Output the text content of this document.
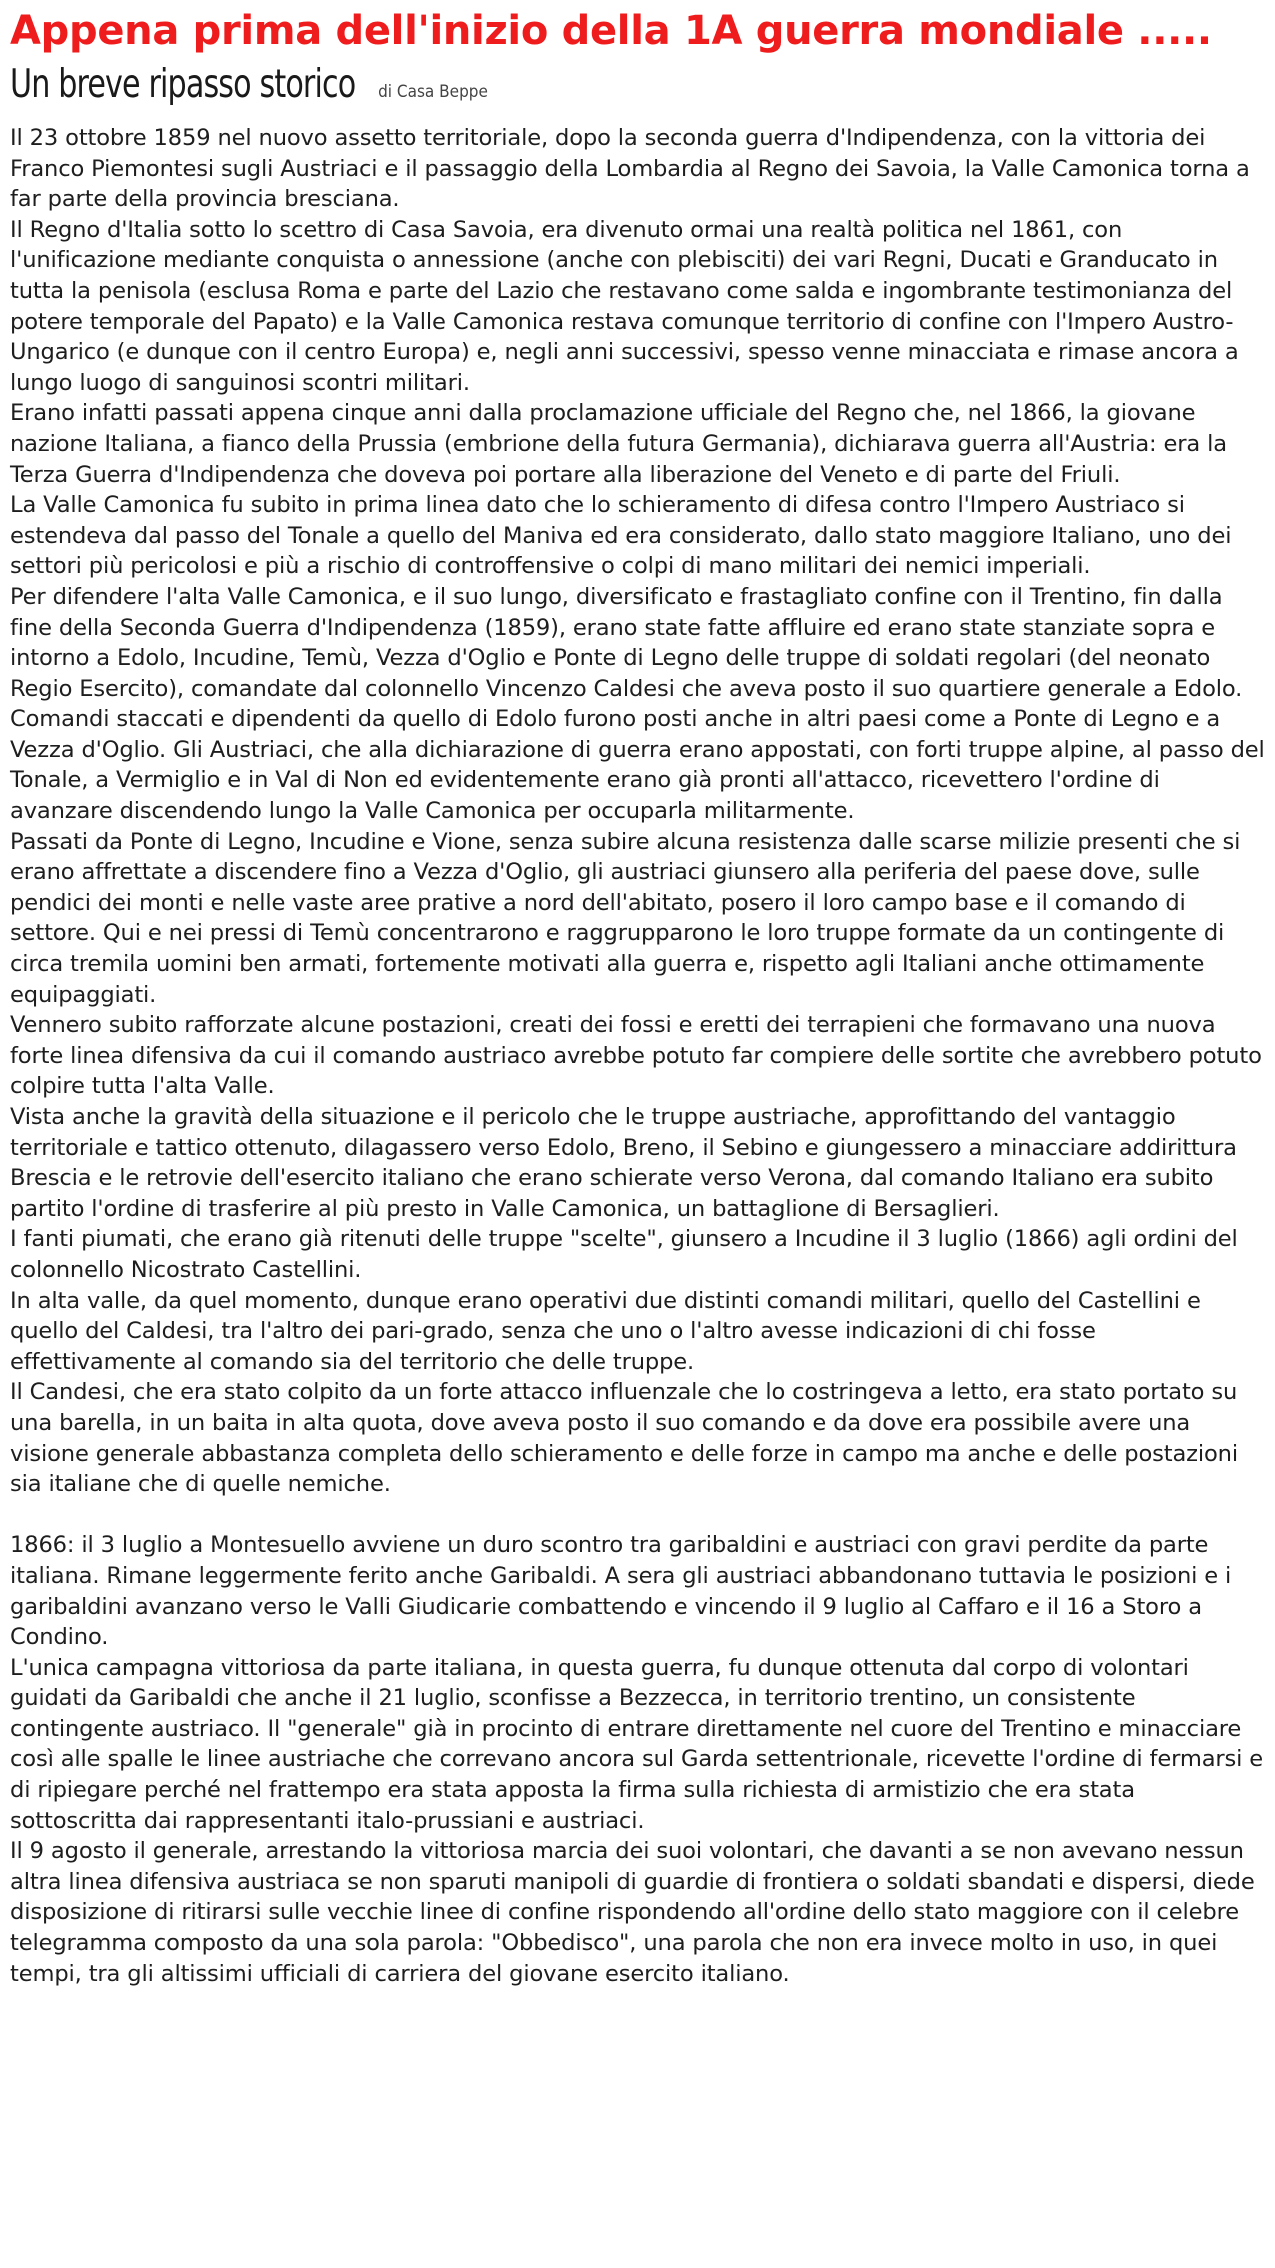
Appena prima dell'inizio della 1A guerra mondiale .....
Un breve ripasso storico di Casa Beppe

Il 23 ottobre 1859 nel nuovo assetto territoriale, dopo la seconda guerra d'Indipendenza, con la vittoria dei Franco Piemontesi sugli Austriaci e il passaggio della Lombardia al Regno dei Savoia, la Valle Camonica torna a far parte della provincia bresciana.

Il Regno d'Italia sotto lo scettro di Casa Savoia, era divenuto ormai una realtà politica nel 1861, con l'unificazione mediante conquista o annessione (anche con plebisciti) dei vari Regni, Ducati e Granducato in tutta la penisola (esclusa Roma e parte del Lazio che restavano come salda e ingombrante testimonianza del potere temporale del Papato) e la Valle Camonica restava comunque territorio di confine con l'Impero Austro-Ungarico (e dunque con il centro Europa) e, negli anni successivi, spesso venne minacciata e rimase ancora a lungo luogo di sanguinosi scontri militari.

Erano infatti passati appena cinque anni dalla proclamazione ufficiale del Regno che, nel 1866, la giovane nazione Italiana, a fianco della Prussia (embrione della futura Germania), dichiarava guerra all'Austria: era la Terza Guerra d'Indipendenza che doveva poi portare alla liberazione del Veneto e di parte del Friuli.

La Valle Camonica fu subito in prima linea dato che lo schieramento di difesa contro l'Impero Austriaco si estendeva dal passo del Tonale a quello del Maniva ed era considerato, dallo stato maggiore Italiano, uno dei settori più pericolosi e più a rischio di controffensive o colpi di mano militari dei nemici imperiali.

Per difendere l'alta Valle Camonica, e il suo lungo, diversificato e frastagliato confine con il Trentino, fin dalla fine della Seconda Guerra d'Indipendenza (1859), erano state fatte affluire ed erano state stanziate sopra e intorno a Edolo, Incudine, Temù, Vezza d'Oglio e Ponte di Legno delle truppe di soldati regolari (del neonato Regio Esercito), comandate dal colonnello Vincenzo Caldesi che aveva posto il suo quartiere generale a Edolo.

Comandi staccati e dipendenti da quello di Edolo furono posti anche in altri paesi come a Ponte di Legno e a Vezza d'Oglio. Gli Austriaci, che alla dichiarazione di guerra erano appostati, con forti truppe alpine, al passo del Tonale, a Vermiglio e in Val di Non ed evidentemente erano già pronti all'attacco, ricevettero l'ordine di avanzare discendendo lungo la Valle Camonica per occuparla militarmente.

Passati da Ponte di Legno, Incudine e Vione, senza subire alcuna resistenza dalle scarse milizie presenti che si erano affrettate a discendere fino a Vezza d'Oglio, gli austriaci giunsero alla periferia del paese dove, sulle pendici dei monti e nelle vaste aree prative a nord dell'abitato, posero il loro campo base e il comando di settore. Qui e nei pressi di Temù concentrarono e raggrupparono le loro truppe formate da un contingente di circa tremila uomini ben armati, fortemente motivati alla guerra e, rispetto agli Italiani anche ottimamente equipaggiati.

Vennero subito rafforzate alcune postazioni, creati dei fossi e eretti dei terrapieni che formavano una nuova forte linea difensiva da cui il comando austriaco avrebbe potuto far compiere delle sortite che avrebbero potuto colpire tutta l'alta Valle.

Vista anche la gravità della situazione e il pericolo che le truppe austriache, approfittando del vantaggio territoriale e tattico ottenuto, dilagassero verso Edolo, Breno, il Sebino e giungessero a minacciare addirittura Brescia e le retrovie dell'esercito italiano che erano schierate verso Verona, dal comando Italiano era subito partito l'ordine di trasferire al più presto in Valle Camonica, un battaglione di Bersaglieri.

I fanti piumati, che erano già ritenuti delle truppe "scelte", giunsero a Incudine il 3 luglio (1866) agli ordini del colonnello Nicostrato Castellini.

In alta valle, da quel momento, dunque erano operativi due distinti comandi militari, quello del Castellini e quello del Caldesi, tra l'altro dei pari-grado, senza che uno o l'altro avesse indicazioni di chi fosse effettivamente al comando sia del territorio che delle truppe.

Il Candesi, che era stato colpito da un forte attacco influenzale che lo costringeva a letto, era stato portato su una barella, in un baita in alta quota, dove aveva posto il suo comando e da dove era possibile avere una visione generale abbastanza completa dello schieramento e delle forze in campo ma anche e delle postazioni sia italiane che di quelle nemiche.

1866: il 3 luglio a Montesuello avviene un duro scontro tra garibaldini e austriaci con gravi perdite da parte italiana. Rimane leggermente ferito anche Garibaldi. A sera gli austriaci abbandonano tuttavia le posizioni e i garibaldini avanzano verso le Valli Giudicarie combattendo e vincendo il 9 luglio al Caffaro e il 16 a Storo a Condino.

L'unica campagna vittoriosa da parte italiana, in questa guerra, fu dunque ottenuta dal corpo di volontari guidati da Garibaldi che anche il 21 luglio, sconfisse a Bezzecca, in territorio trentino, un consistente contingente austriaco. Il "generale" già in procinto di entrare direttamente nel cuore del Trentino e minacciare così alle spalle le linee austriache che correvano ancora sul Garda settentrionale, ricevette l'ordine di fermarsi e di ripiegare perché nel frattempo era stata apposta la firma sulla richiesta di armistizio che era stata sottoscritta dai rappresentanti italo-prussiani e austriaci.

Il 9 agosto il generale, arrestando la vittoriosa marcia dei suoi volontari, che davanti a se non avevano nessun altra linea difensiva austriaca se non sparuti manipoli di guardie di frontiera o soldati sbandati e dispersi, diede disposizione di ritirarsi sulle vecchie linee di confine rispondendo all'ordine dello stato maggiore con il celebre telegramma composto da una sola parola: "Obbedisco", una parola che non era invece molto in uso, in quei tempi, tra gli altissimi ufficiali di carriera del giovane esercito italiano.
